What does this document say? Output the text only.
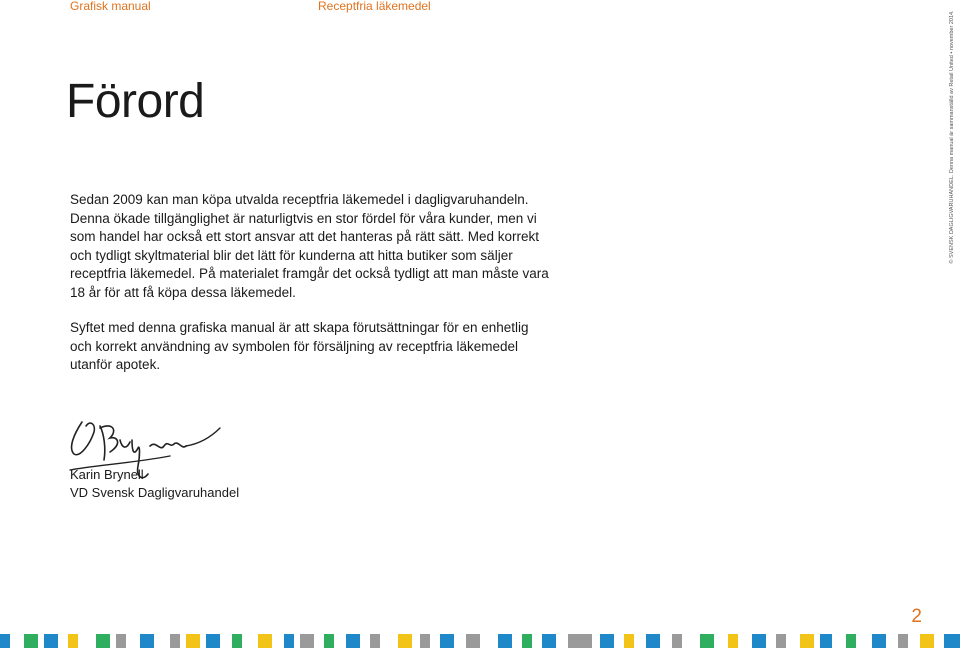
Grafisk manual	Receptfria läkemedel
Förord

Sedan 2009 kan man köpa utvalda receptfria läkemedel i dagligvaruhandeln. Denna ökade tillgänglighet är naturligtvis en stor fördel för våra kunder, men vi som handel har också ett stort ansvar att det hanteras på rätt sätt. Med korrekt och tydligt skyltmaterial blir det lätt för kunderna att hitta butiker som säljer receptfria läkemedel. På materialet framgår det också tydligt att man måste vara 18 år för att få köpa dessa läkemedel.

Syftet med denna grafiska manual är att skapa förutsättningar för en enhetlig och korrekt användning av symbolen för försäljning av receptfria läkemedel utanför apotek.

Karin Brynell
VD Svensk Dagligvaruhandel
© SVENSK DAGLIGVARUHANDEL. Denna manual är sammanställd av Retail United • november 2014.
2
